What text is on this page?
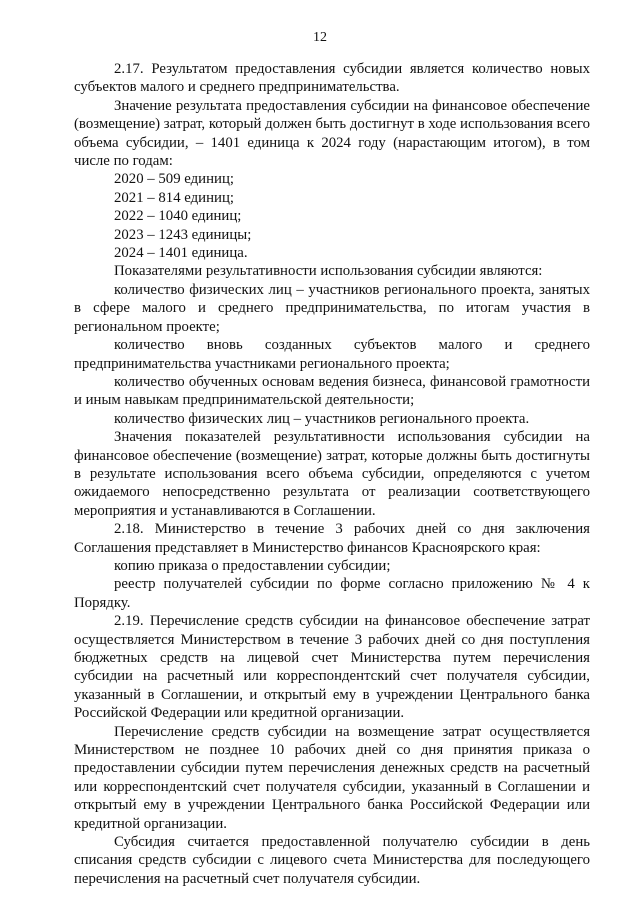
12

2.17. Результатом предоставления субсидии является количество новых субъектов малого и среднего предпринимательства.

Значение результата предоставления субсидии на финансовое обеспечение (возмещение) затрат, который должен быть достигнут в ходе использования всего объема субсидии, – 1401 единица к 2024 году (нарастающим итогом), в том числе по годам:

2020 – 509 единиц;

2021 – 814 единиц;

2022 – 1040 единиц;

2023 – 1243 единицы;

2024 – 1401 единица.

Показателями результативности использования субсидии являются:

количество физических лиц – участников регионального проекта, занятых в сфере малого и среднего предпринимательства, по итогам участия в региональном проекте;

количество вновь созданных субъектов малого и среднего предпринимательства участниками регионального проекта;

количество обученных основам ведения бизнеса, финансовой грамотности и иным навыкам предпринимательской деятельности;

количество физических лиц – участников регионального проекта.

Значения показателей результативности использования субсидии на финансовое обеспечение (возмещение) затрат, которые должны быть достигнуты в результате использования всего объема субсидии, определяются с учетом ожидаемого непосредственно результата от реализации соответствующего мероприятия и устанавливаются в Соглашении.

2.18. Министерство в течение 3 рабочих дней со дня заключения Соглашения представляет в Министерство финансов Красноярского края:

копию приказа о предоставлении субсидии;

реестр получателей субсидии по форме согласно приложению № 4 к Порядку.

2.19. Перечисление средств субсидии на финансовое обеспечение затрат осуществляется Министерством в течение 3 рабочих дней со дня поступления бюджетных средств на лицевой счет Министерства путем перечисления субсидии на расчетный или корреспондентский счет получателя субсидии, указанный в Соглашении, и открытый ему в учреждении Центрального банка Российской Федерации или кредитной организации.

Перечисление средств субсидии на возмещение затрат осуществляется Министерством не позднее 10 рабочих дней со дня принятия приказа о предоставлении субсидии путем перечисления денежных средств на расчетный или корреспондентский счет получателя субсидии, указанный в Соглашении и открытый ему в учреждении Центрального банка Российской Федерации или кредитной организации.

Субсидия считается предоставленной получателю субсидии в день списания средств субсидии с лицевого счета Министерства для последующего перечисления на расчетный счет получателя субсидии.
